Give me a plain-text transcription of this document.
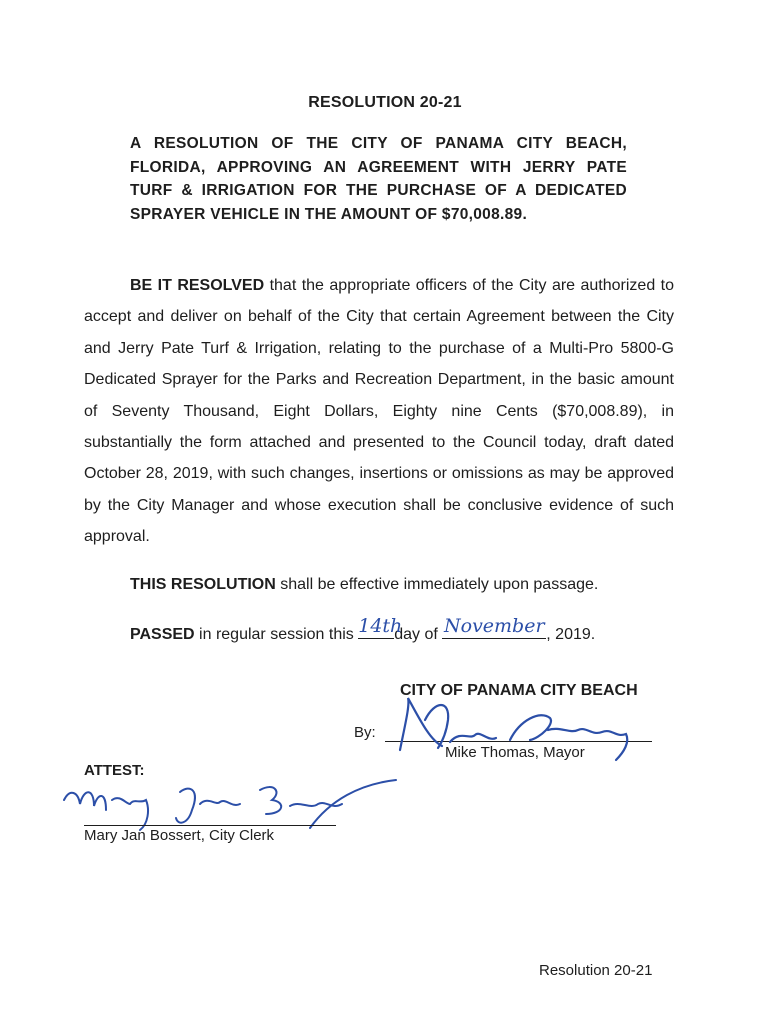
RESOLUTION 20-21
A RESOLUTION OF THE CITY OF PANAMA CITY BEACH, FLORIDA, APPROVING AN AGREEMENT WITH JERRY PATE TURF & IRRIGATION FOR THE PURCHASE OF A DEDICATED SPRAYER VEHICLE IN THE AMOUNT OF $70,008.89.
BE IT RESOLVED that the appropriate officers of the City are authorized to accept and deliver on behalf of the City that certain Agreement between the City and Jerry Pate Turf & Irrigation, relating to the purchase of a Multi-Pro 5800-G Dedicated Sprayer for the Parks and Recreation Department, in the basic amount of Seventy Thousand, Eight Dollars, Eighty nine Cents ($70,008.89), in substantially the form attached and presented to the Council today, draft dated October 28, 2019, with such changes, insertions or omissions as may be approved by the City Manager and whose execution shall be conclusive evidence of such approval.
THIS RESOLUTION shall be effective immediately upon passage.
PASSED in regular session this 14th
day of November , 2019.
CITY OF PANAMA CITY BEACH
By:
Mike Thomas, Mayor
ATTEST:
Mary Jan Bossert, City Clerk
Resolution 20-21
